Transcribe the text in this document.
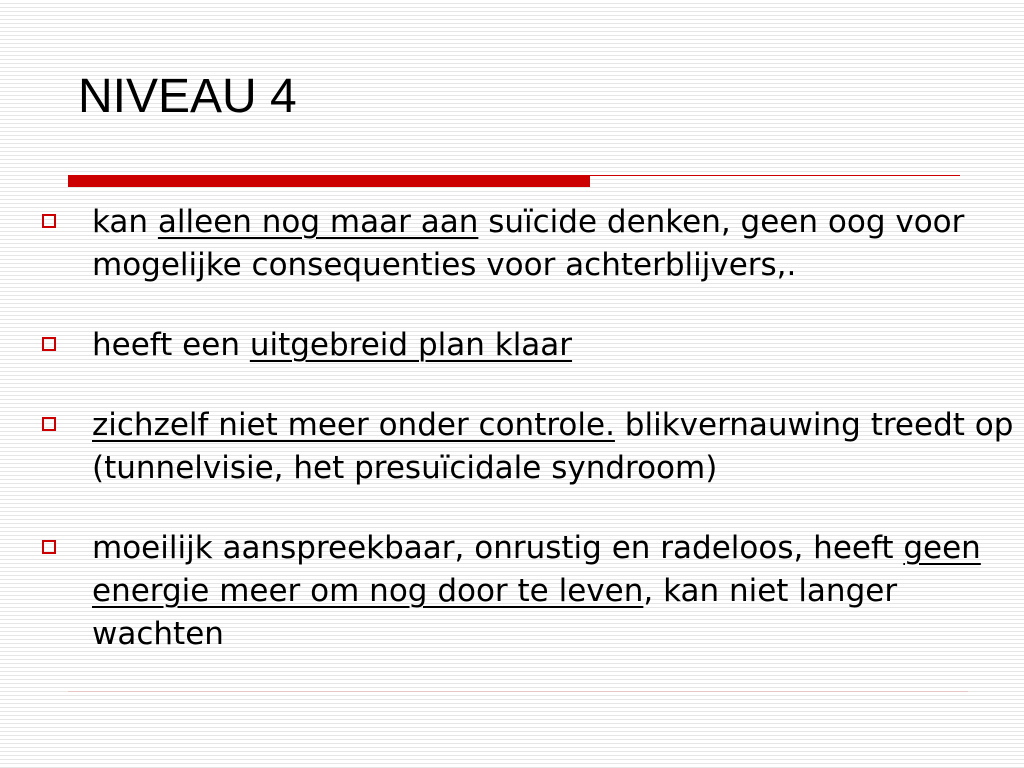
NIVEAU 4
kan alleen nog maar aan suïcide denken, geen oog voor mogelijke consequenties voor achterblijvers,.
heeft een uitgebreid plan klaar
zichzelf niet meer onder controle. blikvernauwing treedt op (tunnelvisie, het presuïcidale syndroom)
moeilijk aanspreekbaar, onrustig en radeloos, heeft geen energie meer om nog door te leven, kan niet langer wachten
